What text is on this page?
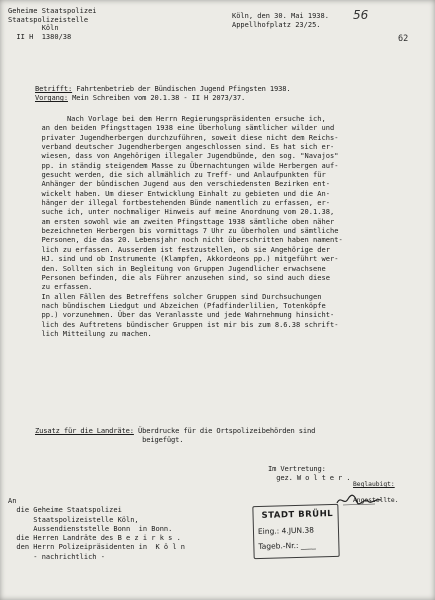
Geheime Staatspolizei
Staatspolizeistelle
Köln
II H  1380/38
Köln, den 30. Mai 1938.
Appellhofplatz 23/25.
56
62
Betrifft: Fahrtenbetrieb der Bündischen Jugend Pfingsten 1938.
Vorgang: Mein Schreiben vom 20.1.38 - II H 2073/37.
Nach Vorlage bei dem Herrn Regierungspräsidenten ersuche ich,
an den beiden Pfingsttagen 1938 eine Überholung sämtlicher wilder und
privater Jugendherbergen durchzuführen, soweit diese nicht dem Reichs-
verband deutscher Jugendherbergen angeschlossen sind. Es hat sich er-
wiesen, dass von Angehörigen illegaler Jugendbünde, den sog. "Navajos"
pp. in ständig steigendem Masse zu Übernachtungen wilde Herbergen auf-
gesucht werden, die sich allmählich zu Treff- und Anlaufpunkten für
Anhänger der bündischen Jugend aus den verschiedensten Bezirken ent-
wickelt haben. Um dieser Entwicklung Einhalt zu gebieten und die An-
hänger der illegal fortbestehenden Bünde namentlich zu erfassen, er-
suche ich, unter nochmaliger Hinweis auf meine Anordnung vom 20.1.38,
am ersten sowohl wie am zweiten Pfingsttage 1938 sämtliche oben näher
bezeichneten Herbergen bis vormittags 7 Uhr zu überholen und sämtliche
Personen, die das 20. Lebensjahr noch nicht überschritten haben nament-
lich zu erfassen. Ausserdem ist festzustellen, ob sie Angehörige der
HJ. sind und ob Instrumente (Klampfen, Akkordeons pp.) mitgeführt wer-
den. Sollten sich in Begleitung von Gruppen Jugendlicher erwachsene
Personen befinden, die als Führer anzusehen sind, so sind auch diese
zu erfassen.
In allen Fällen des Betreffens solcher Gruppen sind Durchsuchungen
nach bündischem Liedgut und Abzeichen (Pfadfinderlilien, Totenköpfe
pp.) vorzunehmen. Über das Veranlasste und jede Wahrnehmung hinsicht-
lich des Auftretens bündischer Gruppen ist mir bis zum 8.6.38 schrift-
lich Mitteilung zu machen.
Zusatz für die Landräte: Überdrucke für die Ortspolizeibehörden sind
beigefügt.
Im Vertretung:
gez. W o l t e r .
Beglaubigt:

Angestellte.
An
die Geheime Staatspolizei
Staatspolizeistelle Köln,
Aussendienststelle Bonn  in Bonn.
die Herren Landräte des B e z i r k s .
den Herrn Polizeipräsidenten in  K ö l n
- nachrichtlich -
STADT BRÜHL
Eing.: 4.JUN.38
Tageb.-Nr.: ____
